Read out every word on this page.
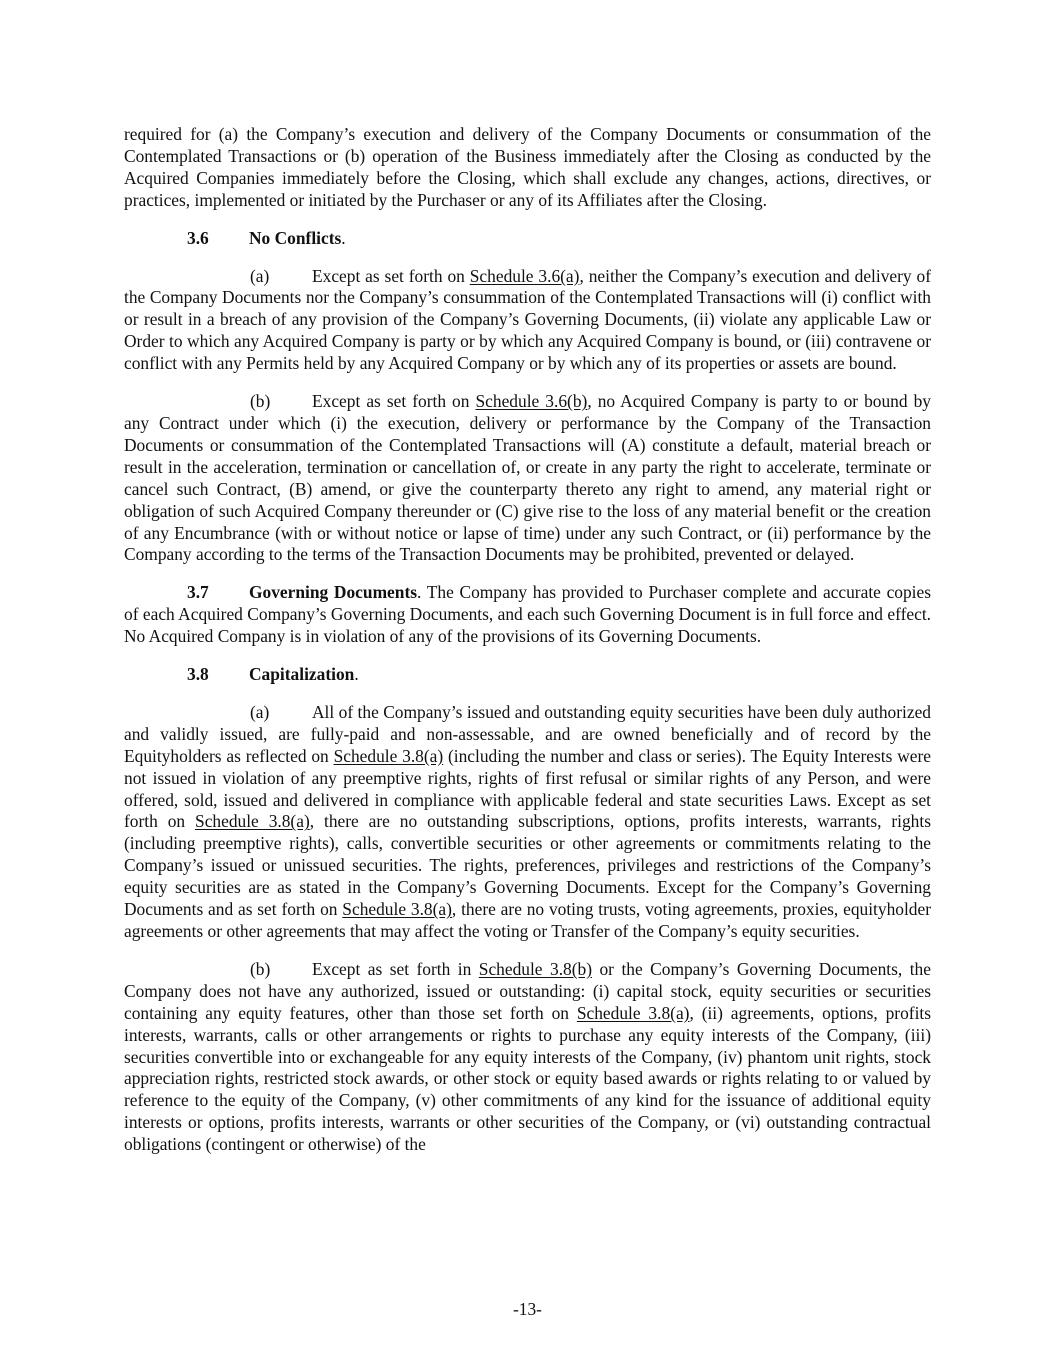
required for (a) the Company’s execution and delivery of the Company Documents or consummation of the Contemplated Transactions or (b) operation of the Business immediately after the Closing as conducted by the Acquired Companies immediately before the Closing, which shall exclude any changes, actions, directives, or practices, implemented or initiated by the Purchaser or any of its Affiliates after the Closing.

3.6 No Conflicts.

(a) Except as set forth on Schedule 3.6(a), neither the Company’s execution and delivery of the Company Documents nor the Company’s consummation of the Contemplated Transactions will (i) conflict with or result in a breach of any provision of the Company’s Governing Documents, (ii) violate any applicable Law or Order to which any Acquired Company is party or by which any Acquired Company is bound, or (iii) contravene or conflict with any Permits held by any Acquired Company or by which any of its properties or assets are bound.

(b) Except as set forth on Schedule 3.6(b), no Acquired Company is party to or bound by any Contract under which (i) the execution, delivery or performance by the Company of the Transaction Documents or consummation of the Contemplated Transactions will (A) constitute a default, material breach or result in the acceleration, termination or cancellation of, or create in any party the right to accelerate, terminate or cancel such Contract, (B) amend, or give the counterparty thereto any right to amend, any material right or obligation of such Acquired Company thereunder or (C) give rise to the loss of any material benefit or the creation of any Encumbrance (with or without notice or lapse of time) under any such Contract, or (ii) performance by the Company according to the terms of the Transaction Documents may be prohibited, prevented or delayed.

3.7 Governing Documents. The Company has provided to Purchaser complete and accurate copies of each Acquired Company’s Governing Documents, and each such Governing Document is in full force and effect. No Acquired Company is in violation of any of the provisions of its Governing Documents.

3.8 Capitalization.

(a) All of the Company’s issued and outstanding equity securities have been duly authorized and validly issued, are fully-paid and non-assessable, and are owned beneficially and of record by the Equityholders as reflected on Schedule 3.8(a) (including the number and class or series). The Equity Interests were not issued in violation of any preemptive rights, rights of first refusal or similar rights of any Person, and were offered, sold, issued and delivered in compliance with applicable federal and state securities Laws. Except as set forth on Schedule 3.8(a), there are no outstanding subscriptions, options, profits interests, warrants, rights (including preemptive rights), calls, convertible securities or other agreements or commitments relating to the Company’s issued or unissued securities. The rights, preferences, privileges and restrictions of the Company’s equity securities are as stated in the Company’s Governing Documents. Except for the Company’s Governing Documents and as set forth on Schedule 3.8(a), there are no voting trusts, voting agreements, proxies, equityholder agreements or other agreements that may affect the voting or Transfer of the Company’s equity securities.

(b) Except as set forth in Schedule 3.8(b) or the Company’s Governing Documents, the Company does not have any authorized, issued or outstanding: (i) capital stock, equity securities or securities containing any equity features, other than those set forth on Schedule 3.8(a), (ii) agreements, options, profits interests, warrants, calls or other arrangements or rights to purchase any equity interests of the Company, (iii) securities convertible into or exchangeable for any equity interests of the Company, (iv) phantom unit rights, stock appreciation rights, restricted stock awards, or other stock or equity based awards or rights relating to or valued by reference to the equity of the Company, (v) other commitments of any kind for the issuance of additional equity interests or options, profits interests, warrants or other securities of the Company, or (vi) outstanding contractual obligations (contingent or otherwise) of the

-13-
